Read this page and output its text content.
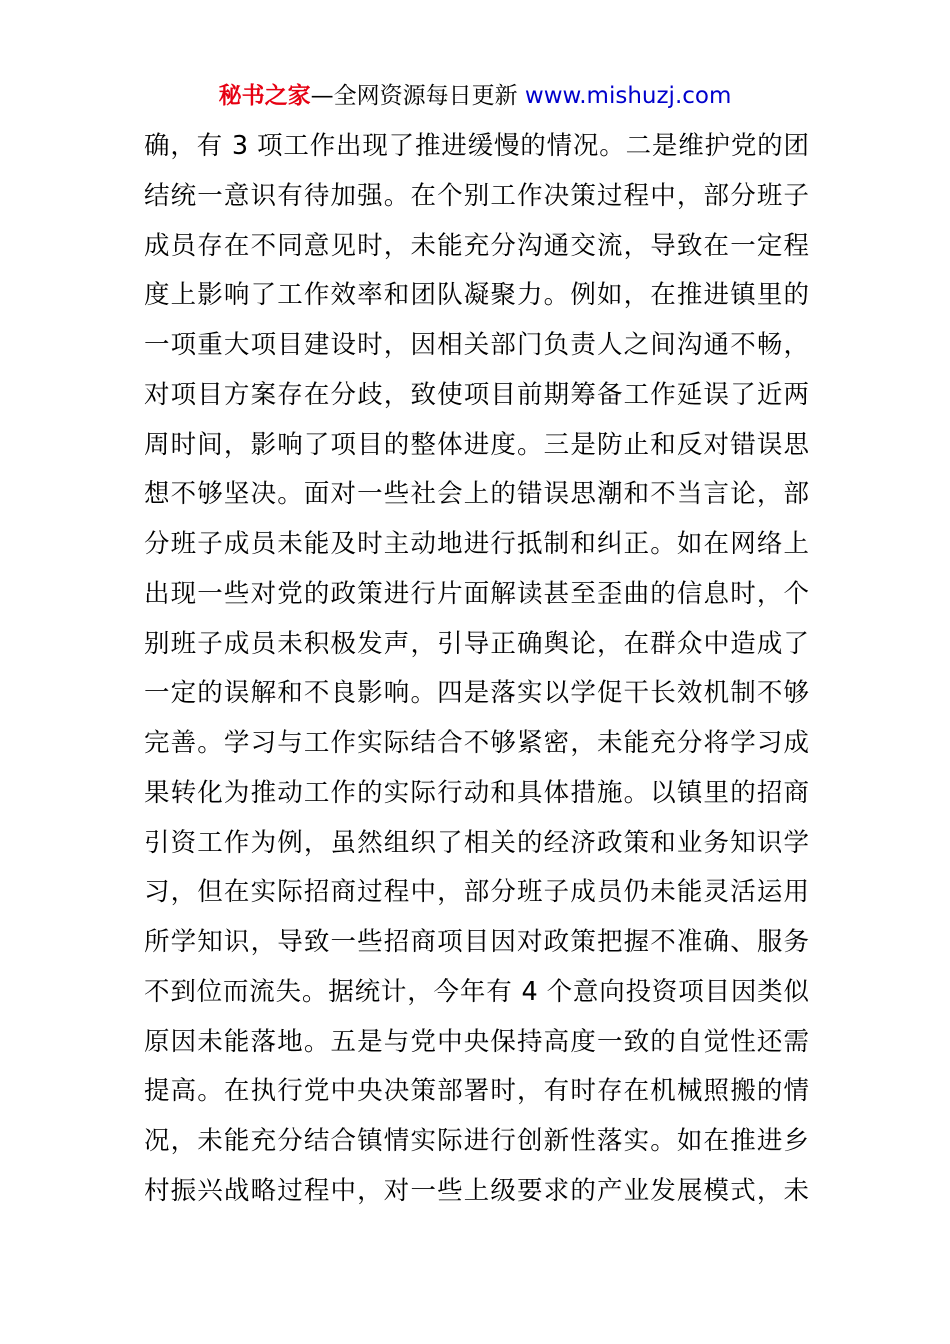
秘书之家—全网资源每日更新 www.mishuzj.com
确，有 3 项工作出现了推进缓慢的情况。二是维护党的团
结统一意识有待加强。在个别工作决策过程中，部分班子
成员存在不同意见时，未能充分沟通交流，导致在一定程
度上影响了工作效率和团队凝聚力。例如，在推进镇里的
一项重大项目建设时，因相关部门负责人之间沟通不畅，
对项目方案存在分歧，致使项目前期筹备工作延误了近两
周时间，影响了项目的整体进度。三是防止和反对错误思
想不够坚决。面对一些社会上的错误思潮和不当言论，部
分班子成员未能及时主动地进行抵制和纠正。如在网络上
出现一些对党的政策进行片面解读甚至歪曲的信息时，个
别班子成员未积极发声，引导正确舆论，在群众中造成了
一定的误解和不良影响。四是落实以学促干长效机制不够
完善。学习与工作实际结合不够紧密，未能充分将学习成
果转化为推动工作的实际行动和具体措施。以镇里的招商
引资工作为例，虽然组织了相关的经济政策和业务知识学
习，但在实际招商过程中，部分班子成员仍未能灵活运用
所学知识，导致一些招商项目因对政策把握不准确、服务
不到位而流失。据统计，今年有 4 个意向投资项目因类似
原因未能落地。五是与党中央保持高度一致的自觉性还需
提高。在执行党中央决策部署时，有时存在机械照搬的情
况，未能充分结合镇情实际进行创新性落实。如在推进乡
村振兴战略过程中，对一些上级要求的产业发展模式，未
